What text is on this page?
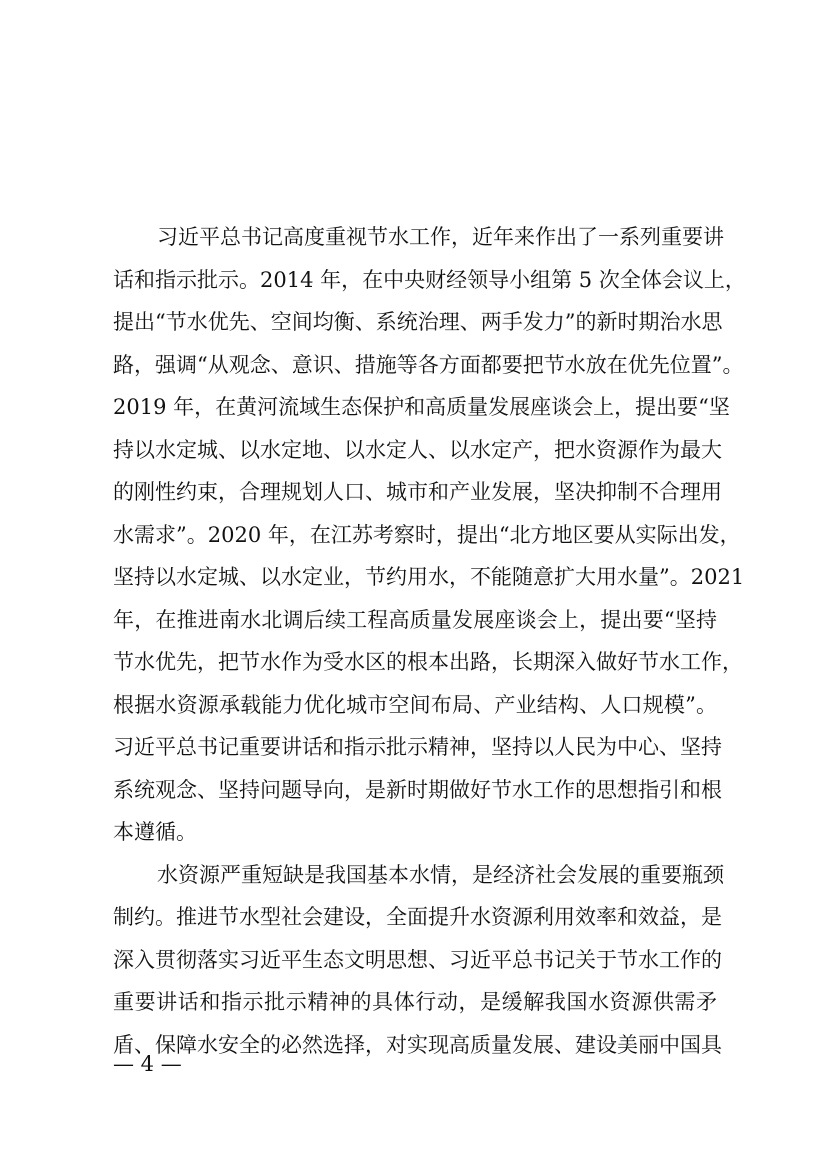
习近平总书记高度重视节水工作，近年来作出了一系列重要讲
话和指示批示。2014 年，在中央财经领导小组第 5 次全体会议上，
提出“节水优先、空间均衡、系统治理、两手发力”的新时期治水思
路，强调“从观念、意识、措施等各方面都要把节水放在优先位置”。
2019 年，在黄河流域生态保护和高质量发展座谈会上，提出要“坚
持以水定城、以水定地、以水定人、以水定产，把水资源作为最大
的刚性约束，合理规划人口、城市和产业发展，坚决抑制不合理用
水需求”。2020 年，在江苏考察时，提出“北方地区要从实际出发，
坚持以水定城、以水定业，节约用水，不能随意扩大用水量”。2021
年，在推进南水北调后续工程高质量发展座谈会上，提出要“坚持
节水优先，把节水作为受水区的根本出路，长期深入做好节水工作，
根据水资源承载能力优化城市空间布局、产业结构、人口规模”。
习近平总书记重要讲话和指示批示精神，坚持以人民为中心、坚持
系统观念、坚持问题导向，是新时期做好节水工作的思想指引和根
本遵循。
水资源严重短缺是我国基本水情，是经济社会发展的重要瓶颈
制约。推进节水型社会建设，全面提升水资源利用效率和效益，是
深入贯彻落实习近平生态文明思想、习近平总书记关于节水工作的
重要讲话和指示批示精神的具体行动，是缓解我国水资源供需矛
盾、保障水安全的必然选择，对实现高质量发展、建设美丽中国具
— 4 —
